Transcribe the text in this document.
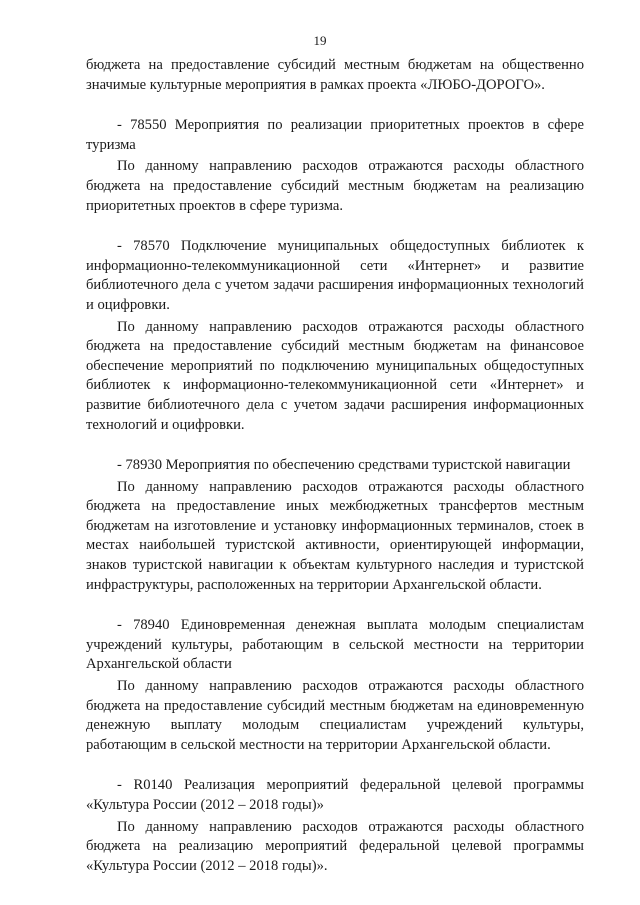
19

бюджета на предоставление субсидий местным бюджетам на общественно значимые культурные мероприятия в рамках проекта «ЛЮБО-ДОРОГО».

- 78550 Мероприятия по реализации приоритетных проектов в сфере туризма

По данному направлению расходов отражаются расходы областного бюджета на предоставление субсидий местным бюджетам на реализацию приоритетных проектов в сфере туризма.

- 78570 Подключение муниципальных общедоступных библиотек к информационно-телекоммуникационной сети «Интернет» и развитие библиотечного дела с учетом задачи расширения информационных технологий и оцифровки.

По данному направлению расходов отражаются расходы областного бюджета на предоставление субсидий местным бюджетам на финансовое обеспечение мероприятий по подключению муниципальных общедоступных библиотек к информационно-телекоммуникационной сети «Интернет» и развитие библиотечного дела с учетом задачи расширения информационных технологий и оцифровки.

- 78930 Мероприятия по обеспечению средствами туристской навигации

По данному направлению расходов отражаются расходы областного бюджета на предоставление иных межбюджетных трансфертов местным бюджетам на изготовление и установку информационных терминалов, стоек в местах наибольшей туристской активности, ориентирующей информации, знаков туристской навигации к объектам культурного наследия и туристской инфраструктуры, расположенных на территории Архангельской области.

- 78940 Единовременная денежная выплата молодым специалистам учреждений культуры, работающим в сельской местности на территории Архангельской области

По данному направлению расходов отражаются расходы областного бюджета на предоставление субсидий местным бюджетам на единовременную денежную выплату молодым специалистам учреждений культуры, работающим в сельской местности на территории Архангельской области.

- R0140 Реализация мероприятий федеральной целевой программы «Культура России (2012 – 2018 годы)»

По данному направлению расходов отражаются расходы областного бюджета на реализацию мероприятий федеральной целевой программы «Культура России (2012 – 2018 годы)».
